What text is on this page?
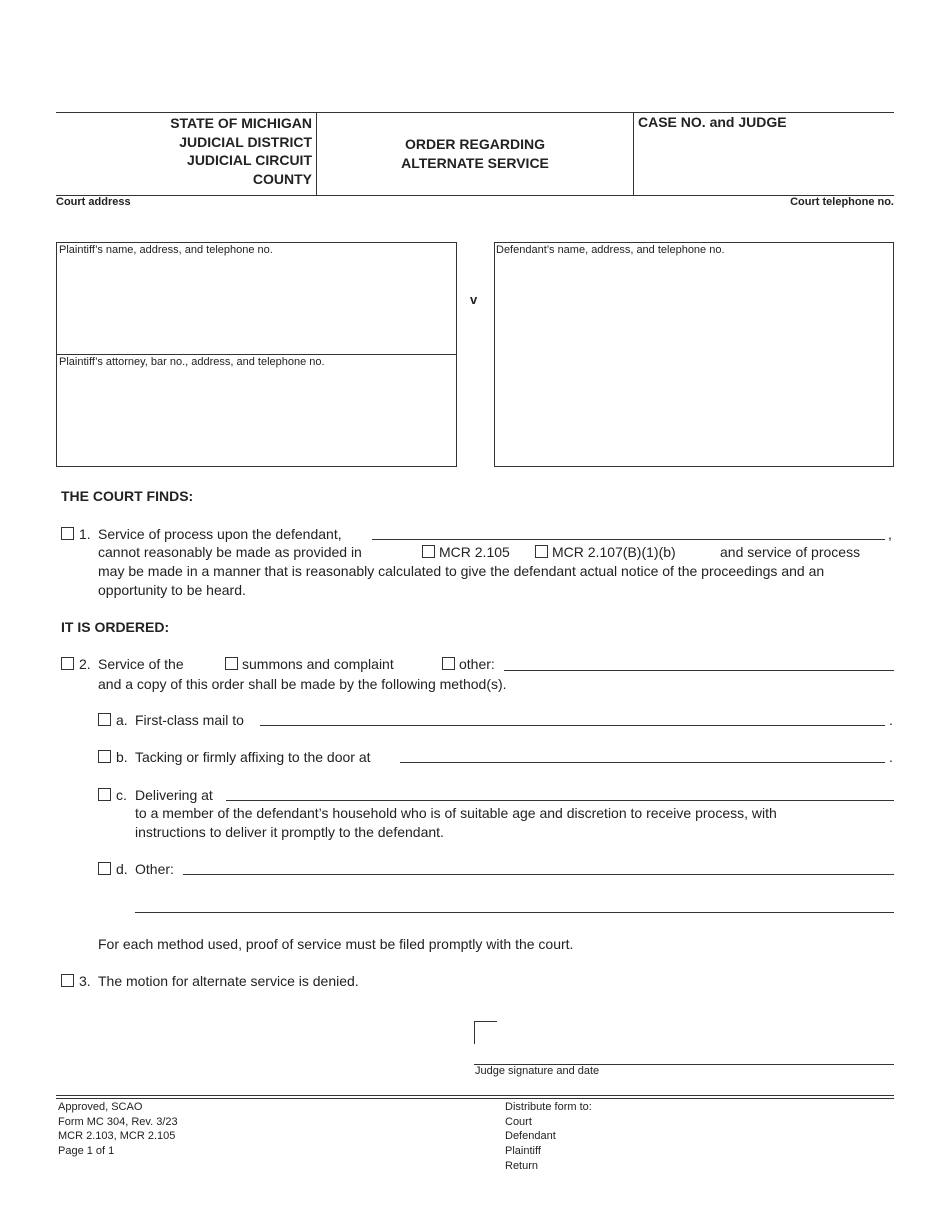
STATE OF MICHIGAN
JUDICIAL DISTRICT
JUDICIAL CIRCUIT
COUNTY
ORDER REGARDING
ALTERNATE SERVICE
CASE NO. and JUDGE
Court address	Court telephone no.
Plaintiff’s name, address, and telephone no.
Plaintiff’s attorney, bar no., address, and telephone no.
v
Defendant’s name, address, and telephone no.
THE COURT FINDS:
1. Service of process upon the defendant,	,
cannot reasonably be made as provided in	MCR 2.105	MCR 2.107(B)(1)(b)	and service of process
may be made in a manner that is reasonably calculated to give the defendant actual notice of the proceedings and an
opportunity to be heard.
IT IS ORDERED:
2. Service of the	summons and complaint	other:
and a copy of this order shall be made by the following method(s).
a. First-class mail to	.
b. Tacking or firmly affixing to the door at	.
c. Delivering at
to a member of the defendant’s household who is of suitable age and discretion to receive process, with
instructions to deliver it promptly to the defendant.
d. Other:
For each method used, proof of service must be filed promptly with the court.
3. The motion for alternate service is denied.
Judge signature and date
Approved, SCAO
Form MC 304, Rev. 3/23
MCR 2.103, MCR 2.105
Page 1 of 1
Distribute form to:
Court
Defendant
Plaintiff
Return
